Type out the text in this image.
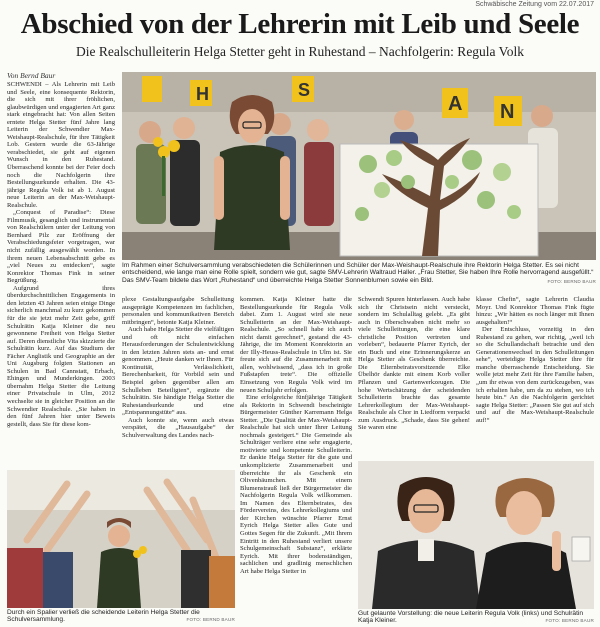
Schwäbische Zeitung vom 22.07.2017
Abschied von der Lehrerin mit Leib und Seele
Die Realschulleiterin Helga Stetter geht in Ruhestand – Nachfolgerin: Regula Volk
Von Bernd Baur

SCHWENDI – Als Lehrerin mit Leib und Seele, eine konsequente Rektorin, die sich mit ihrer fröhlichen, glaubwürdigen und engagierten Art ganz stark eingebracht hat: Von allen Seiten erntete Helga Stetter fünf Jahre lang Leiterin der Schwendier Max-Weishaupt-Realschule, für ihre Tätigkeit Lob. Gestern wurde die 63-Jährige verabschiedet, sie geht auf eigenen Wunsch in den Ruhestand. Überraschend konnte bei der Feier doch noch die Nachfolgerin ihre Bestellungsurkunde erhalten. Die 43-jährige Regula Volk ist ab 1. August neue Leiterin an der Max-Weishaupt-Realschule.

„Conquest of Paradise“: Diese Filmmusik, gesanglich und instrumental von Realschülern unter der Leitung von Bernhard Pilz zur Eröffnung der Verabschiedungsfeier vorgetragen, war nicht zufällig ausgewählt worden. In ihrem neuen Lebensabschnitt gebe es „viel Neues zu entdecken“, sagte Konrektor Thomas Fink in seiner Begrüßung.

Aufgrund ihres überdurchschnittlichen Engagements in den letzten 43 Jahren seien einige Dinge sicherlich manchmal zu kurz gekommen für die sie jetzt mehr Zeit gebe, griff Schulrätin Katja Kleiner die neu gewonnene Freiheit von Helga Stetter auf. Deren dienstliche Vita skizzierte die Schulrätin kurz. Auf das Studium der Fächer Anglistik und Geographie an der Uni Augsburg folgten Stationen an Schulen in Bad Cannstatt, Erbach, Ehingen und Munderkingen. 2003 übernahm Helga Stetter die Leitung einer Privatschule in Ulm, 2012 wechselte sie in gleicher Position an die Schwendier Realschule. „Sie haben in den fünf Jahren hier unter Beweis gestellt, dass Sie für diese kom-

H	S
A N
Im Rahmen einer Schulversammlung verabschiedeten die Schülerinnen und Schüler der Max-Weishaupt-Realschule ihre Rektorin Helga Stetter. Es sei nicht entscheidend, wie lange man eine Rolle spielt, sondern wie gut, sagte SMV-Lehrerin Waltraud Haller. „Frau Stetter, Sie haben Ihre Rolle hervorragend ausgefüllt.“ Das SMV-Team bildete das Wort „Ruhestand“ und überreichte Helga Stetter Sonnenblumen sowie ein Bild.	FOTO: BERND BAUR

plexe Gestaltungsaufgabe Schulleitung ausgeprägte Kompetenzen im fachlichen, personalen und kommunikativen Bereich mitbringen“, betonte Katja Kleiner.

Auch habe Helga Stetter die vielfältigen und oft nicht einfachen Herausforderungen der Schulentwicklung in den letzten Jahren stets an- und ernst genommen. „Heute danken wir Ihnen. Für Kontinuität, Verlässlichkeit, Berechenbarkeit, für Vorbild sein und Beispiel geben gegenüber allen am Schulleben Beteiligten“, ergänzte die Schulrätin. Sie händigte Helga Stetter die Ruhestandsurkunde und eine „Entspannungstüte“ aus.

Auch konnte sie, wenn auch etwas verspätet, die „Hausaufgabe“ der Schulverwaltung des Landes nach-

kommen. Katja Kleiner hatte die Bestellungsurkunde für Regula Volk dabei. Zum 1. August wird sie neue Schulleiterin an der Max-Weishaupt-Realschule. „So schnell habe ich auch nicht damit gerechnet“, gestand die 43-Jährige, die im Moment Konrektorin an der Illy-Heuss-Realschule in Ulm ist. Sie freute sich auf die Zusammenarbeit mit allen, wohlwissend, „dass ich in große Fußstapfen trete“. Die offizielle Einsetzung von Regula Volk wird im neuen Schuljahr erfolgen.

Eine erfolgreiche fünfjährige Tätigkeit als Rektorin in Schwendi bescheinigte Bürgermeister Günther Karremann Helga Stetter. „Die Qualität der Max-Weishaupt-Realschule hat sich unter Ihrer Leitung nochmals gesteigert.“ Die Gemeinde als Schulträger verliere eine sehr engagierte, motivierte und kompetente Schulleiterin. Er dankte Helga Stetter für die gute und unkomplizierte Zusammenarbeit und überreichte ihr als Geschenk ein Olivenbäumchen. Mit einem Blumenstrauß ließ der Bürgermeister die Nachfolgerin Regula Volk willkommen. Im Namen des Elternbeirates, des Fördervereins, des Lehrerkollegiums und der Kirchen wünschte Pfarrer Ernst Eyrich Helga Stetter alles Gute und Gottes Segen für die Zukunft. „Mit Ihrem Eintritt in den Ruhestand verliert unsere Schulgemeinschaft Substanz“, erklärte Eyrich. Mit ihrer bodenständigen, sachlichen und gradlinig menschlichen Art habe Helga Stetter in

Schwendi Spuren hinterlassen. Auch habe sich ihr Christsein nicht versteckt, sondern im Schulalltag gelebt. „Es gibt auch in Oberschwaben nicht mehr so viele Schulleitungen, die eine klare christliche Position vertreten und vorleben“, bedauerte Pfarrer Eyrich, der ein Buch und eine Erinnerungskerze an Helga Stetter als Geschenk überreichte. Die Elternbeiratsvorsitzende Elke Übelhör dankte mit einem Korb voller Pflanzen und Gartenwerkzeugen. Die hohe Wertschätzung der scheidenden Schulleiterin brachte das gesamte Lehrerkollegium der Max-Weishaupt-Realschule als Chor in Liedform verpackt zum Ausdruck. „Schade, dass Sie gehen! Sie waren eine

klasse Chefin“, sagte Lehrerin Claudia Moyr. Und Konrektor Thomas Fink fügte hinzu: „Wir hätten es noch länger mit Ihnen ausgehalten!“

Der Entschluss, vorzeitig in den Ruhestand zu gehen, war richtig, „weil ich so die Schullandschaft betrachte und den Generationenwechsel in den Schulleitungen sehe“, verteidigte Helga Stetter ihre für manche überraschende Entscheidung. Sie wolle jetzt mehr Zeit für ihre Familie haben, „um ihr etwas von dem zurückzugeben, was ich erhalten habe, um da zu stehen, wo ich heute bin.“ An die Nachfolgerin gerichtet sagte Helga Stetter: „Passen Sie gut auf sich und auf die Max-Weishaupt-Realschule auf!“

Durch ein Spalier verließ die scheidende Leiterin Helga Stetter die Schulversammlung.	FOTO: BERND BAUR
Gut gelaunte Vorstellung: die neue Leiterin Regula Volk (links) und Schulrätin Katja Kleiner.	FOTO: BERND BAUR
